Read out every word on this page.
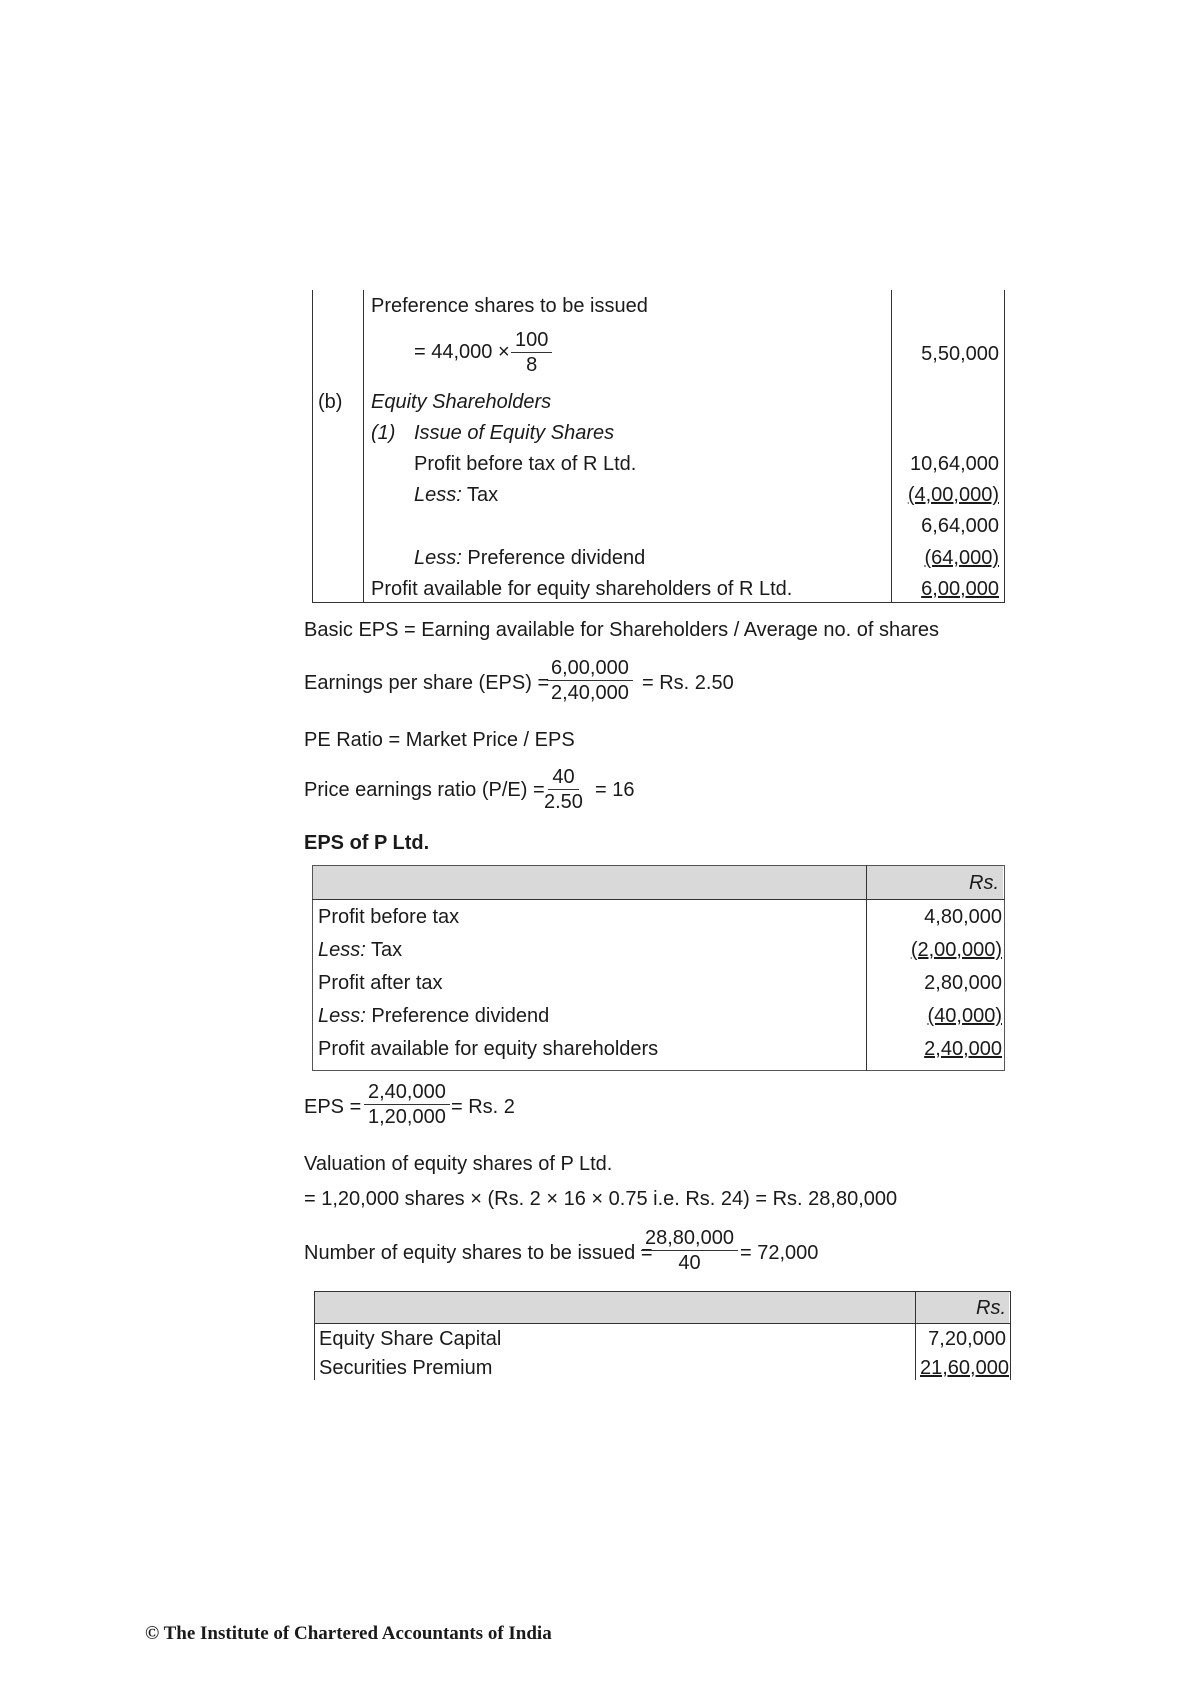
Preference shares to be issued
= $44,000 \times \frac{100}{8}$	5,50,000
(b) Equity Shareholders
(1) Issue of Equity Shares
Profit before tax of R Ltd.	10,64,000
Less: Tax	(4,00,000)
6,64,000
Less: Preference dividend	(64,000)
Profit available for equity shareholders of R Ltd.	6,00,000
Basic EPS = Earning available for Shareholders / Average no. of shares
Earnings per share (EPS) =
$\frac{6,00,000}{2,40,000} = Rs$. 2.50
PE Ratio = Market Price / EPS
Price earnings ratio (P/E) =
$\frac{40}{2.50} = 16$
EPS of P Ltd.
Rs.
Profit before tax	4,80,000
Less: Tax	(2,00,000)
Profit after tax	2,80,000
Less: Preference dividend	(40,000)
Profit available for equity shareholders	2,40,000
EPS = $\frac{2,40,000}{1,20,000} = Rs$. 2
Valuation of equity shares of P Ltd.
= 1,20,000 shares × (Rs. 2 × 16 × 0.75 i.e. Rs. 24) = Rs. 28,80,000
Number of equity shares to be issued =
$\frac{28,80,000}{40} = 72,000$
Rs.
Equity Share Capital	7,20,000
Securities Premium	21,60,000
© The Institute of Chartered Accountants of India
